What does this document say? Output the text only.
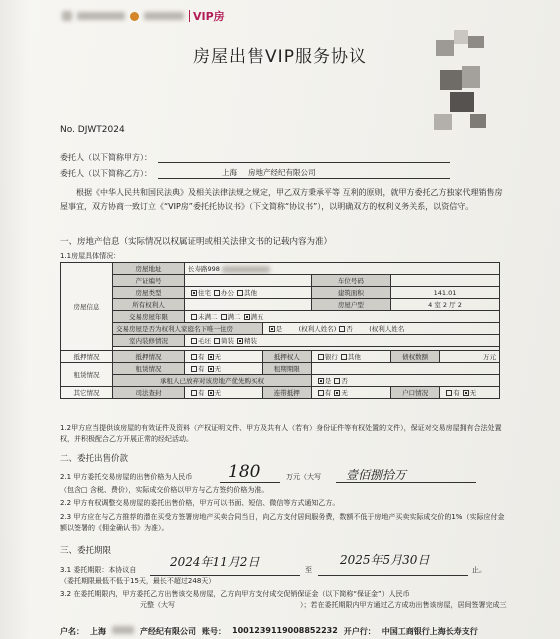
VIP房
房屋出售VIP服务协议
No. DJWT2024
委托人（以下简称甲方）：
委托人（以下简称乙方）：	上海 房地产经纪有限公司
根据《中华人民共和国民法典》及相关法律法规之规定，甲乙双方秉承平等 互利的原则，就甲方委托乙方独家代理销售房屋事宜，双方协商一致订立《“VIP房”委托托协议书》（下文简称“协议书”），以明确双方的权利义务关系，以资信守。
一、房地产信息（实际情况以权属证明或相关法律文书的记载内容为准）
1.1房屋具体情况：
房屋信息	房屋地址	长寿路998				
	产证编号			车位号码		
	房屋类型	住宅 办公 其他		建筑面积	141.01	
	所有权利人			房屋户型	4 室 2 厅 2	
	交易房屋年限	未满二 满二 满五				
	交易房屋是否为权利人家庭名下唯一住房		是 (权利人姓名) 否 (权利人姓名			
	室内装修情况	毛坯 简装 精装				

抵押情况	抵押情况	有 无	抵押权人	银行 其他	债权数额	万元
租赁情况	租赁情况	有 无	租期期限			
	承租人已放弃对该房地产优先购买权			是 否		
其它情况	司法查封	有 无	连带抵押	有 无	户口情况	有 无
1.2甲方应当提供该房屋的有效证件及资料（产权证明文件、甲方及共有人（若有）身份证件等有权处置的文件），保证对交易房屋拥有合法处置权，并积极配合乙方开展正常的经纪活动。
二、委托出售价款
2.1 甲方委托交易房屋的出售价格为人民币	万元（大写
180	壹佰捌拾万
（包含□ 含税、费价），实际成交价格以甲方与乙方签约价格为准。
2.2 甲方有权调整交易房屋的委托出售价格，甲方可以书面、短信、微信等方式通知乙方。
2.3 甲方应在与乙方推荐的潜在买受方签署房地产买卖合同当日，向乙方支付居间服务费，数额不低于房地产买卖实际成交价的1%（实际应付金额以签署的《佣金确认书》为准）。
三、委托期限
3.1 委托期限：本协议自	至	止。
2024年11月2日	2025年5月30日
（委托期限最低不低于15天，最长不超过248天）
3.2 在委托期限内，甲方委托乙方出售该交易房屋，乙方向甲方支付成交促销保证金（以下简称“保证金”）人民币
元整（大写	）；若在委托期限内甲方通过乙方成功出售该房屋，居间签署完成三
户名： 上海	产经纪有限公司 账号： 1001239119008852232 开户行： 中国工商银行上海长寿支行
